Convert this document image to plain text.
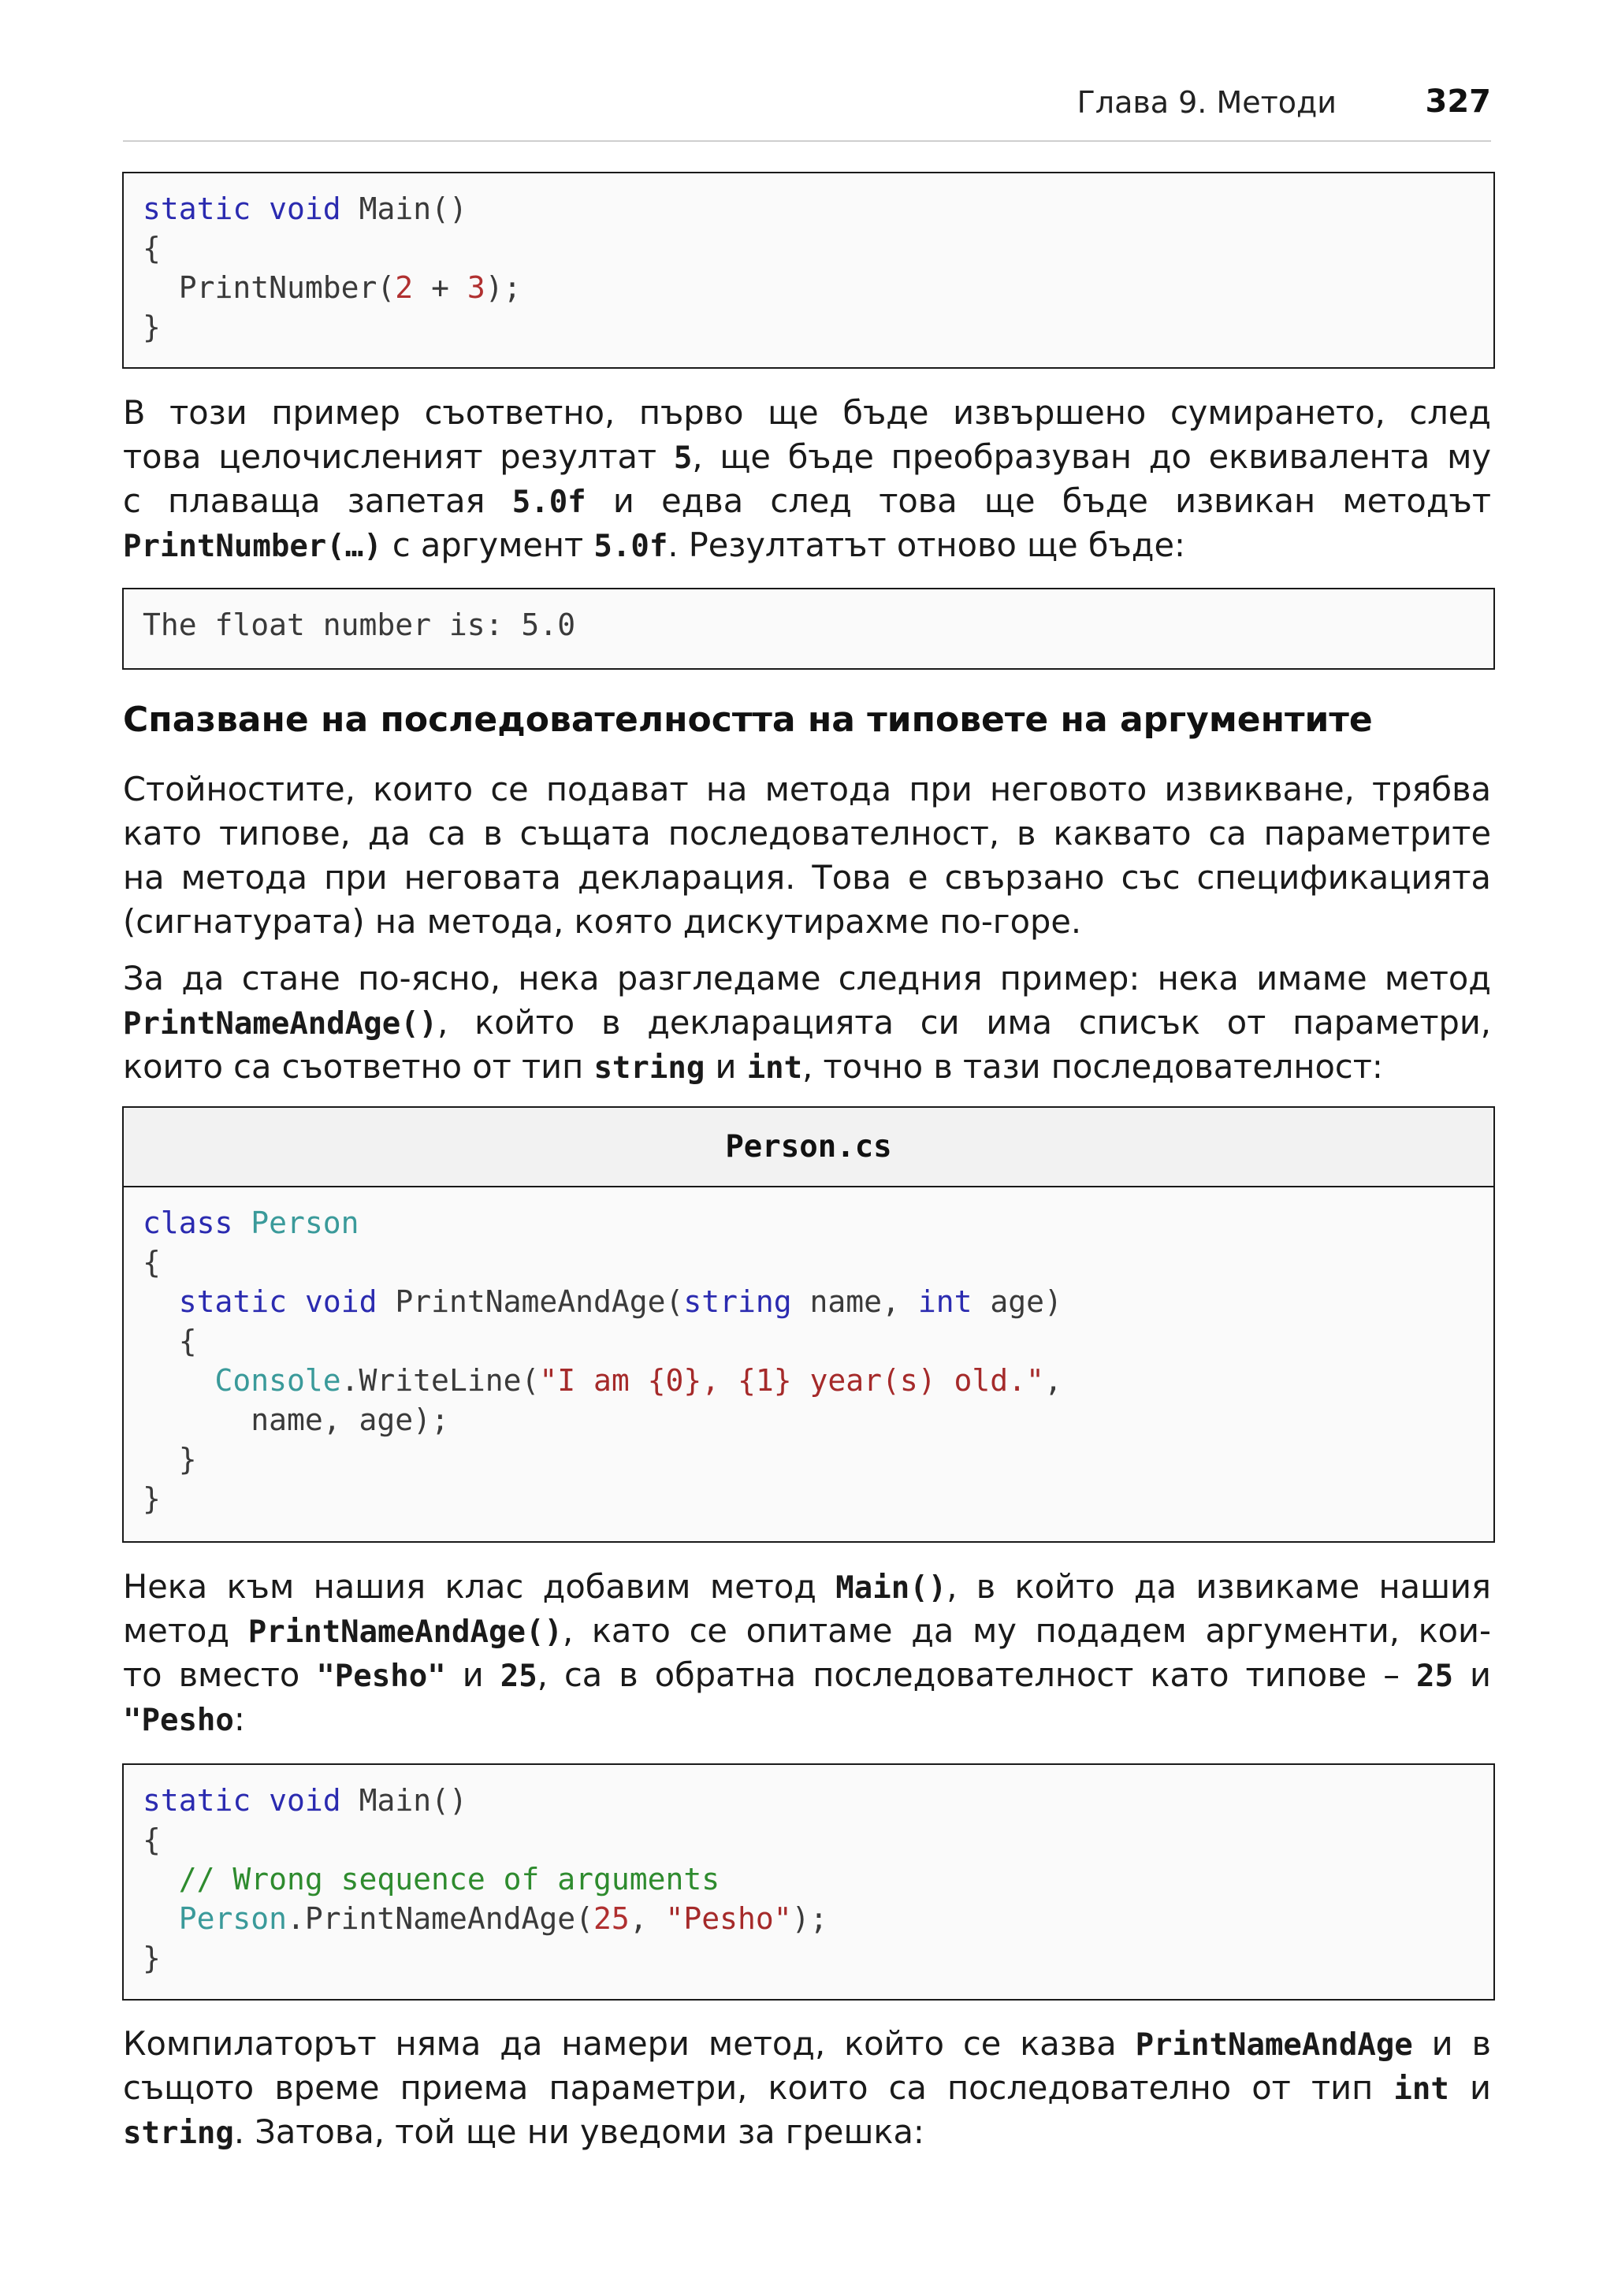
Глава 9. Методи	327
static void Main()
{
PrintNumber(2 + 3);
}
В този пример съответно, първо ще бъде извършено сумирането, след
това целочисленият резултат 5, ще бъде преобразуван до еквивалента му
с плаваща запетая 5.0f и едва след това ще бъде извикан методът
PrintNumber(…) с аргумент 5.0f. Резултатът отново ще бъде:
The float number is: 5.0
Спазване на последователността на типовете на аргументите
Стойностите, които се подават на метода при неговото извикване, трябва
като типове, да са в същата последователност, в каквато са параметрите
на метода при неговата декларация. Това е свързано със спецификацията
(сигнатурата) на метода, която дискутирахме по-горе.
За да стане по-ясно, нека разгледаме следния пример: нека имаме метод
PrintNameAndAge(), който в декларацията си има списък от параметри,
които са съответно от тип string и int, точно в тази последователност:
Person.cs
class Person
{
static void PrintNameAndAge(string name, int age)
{
Console.WriteLine("I am {0}, {1} year(s) old.",
name, age);
}
}
Нека към нашия клас добавим метод Main(), в който да извикаме нашия
метод PrintNameAndAge(), като се опитаме да му подадем аргументи, кои-
то вместо "Pesho" и 25, са в обратна последователност като типове – 25 и
"Pesho:
static void Main()
{
// Wrong sequence of arguments
Person.PrintNameAndAge(25, "Pesho");
}
Компилаторът няма да намери метод, който се казва PrintNameAndAge и в
същото време приема параметри, които са последователно от тип int и
string. Затова, той ще ни уведоми за грешка:
